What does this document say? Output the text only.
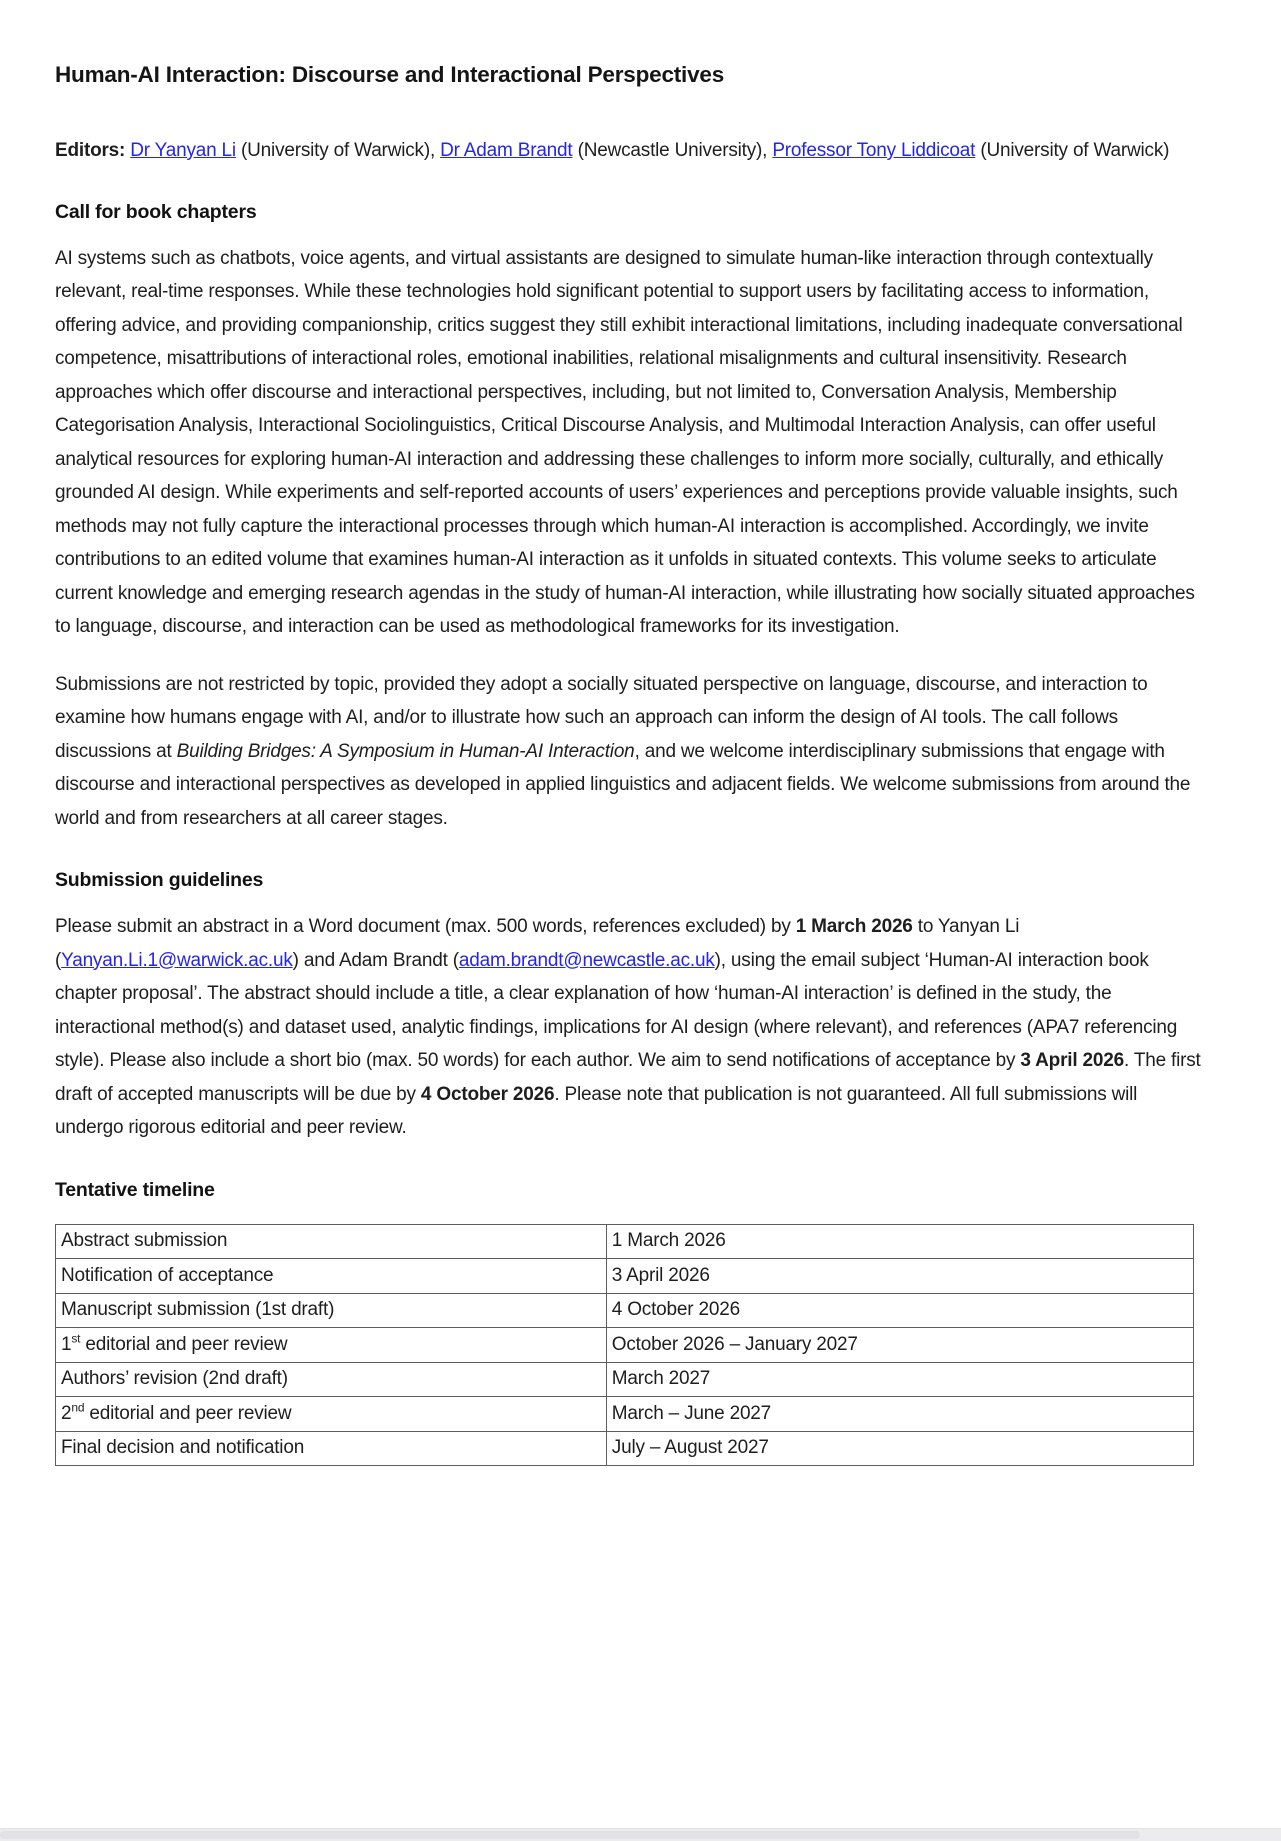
Human-AI Interaction: Discourse and Interactional Perspectives

Editors: Dr Yanyan Li (University of Warwick), Dr Adam Brandt (Newcastle University), Professor Tony Liddicoat (University of Warwick)

Call for book chapters

AI systems such as chatbots, voice agents, and virtual assistants are designed to simulate human-like interaction through contextually relevant, real-time responses. While these technologies hold significant potential to support users by facilitating access to information, offering advice, and providing companionship, critics suggest they still exhibit interactional limitations, including inadequate conversational competence, misattributions of interactional roles, emotional inabilities, relational misalignments and cultural insensitivity. Research approaches which offer discourse and interactional perspectives, including, but not limited to, Conversation Analysis, Membership Categorisation Analysis, Interactional Sociolinguistics, Critical Discourse Analysis, and Multimodal Interaction Analysis, can offer useful analytical resources for exploring human-AI interaction and addressing these challenges to inform more socially, culturally, and ethically grounded AI design. While experiments and self-reported accounts of users’ experiences and perceptions provide valuable insights, such methods may not fully capture the interactional processes through which human-AI interaction is accomplished. Accordingly, we invite contributions to an edited volume that examines human-AI interaction as it unfolds in situated contexts. This volume seeks to articulate current knowledge and emerging research agendas in the study of human-AI interaction, while illustrating how socially situated approaches to language, discourse, and interaction can be used as methodological frameworks for its investigation.

Submissions are not restricted by topic, provided they adopt a socially situated perspective on language, discourse, and interaction to examine how humans engage with AI, and/or to illustrate how such an approach can inform the design of AI tools. The call follows discussions at Building Bridges: A Symposium in Human-AI Interaction, and we welcome interdisciplinary submissions that engage with discourse and interactional perspectives as developed in applied linguistics and adjacent fields. We welcome submissions from around the world and from researchers at all career stages.

Submission guidelines

Please submit an abstract in a Word document (max. 500 words, references excluded) by 1 March 2026 to Yanyan Li (Yanyan.Li.1@warwick.ac.uk) and Adam Brandt (adam.brandt@newcastle.ac.uk), using the email subject ‘Human-AI interaction book chapter proposal’. The abstract should include a title, a clear explanation of how ‘human-AI interaction’ is defined in the study, the interactional method(s) and dataset used, analytic findings, implications for AI design (where relevant), and references (APA7 referencing style). Please also include a short bio (max. 50 words) for each author. We aim to send notifications of acceptance by 3 April 2026. The first draft of accepted manuscripts will be due by 4 October 2026. Please note that publication is not guaranteed. All full submissions will undergo rigorous editorial and peer review.

Tentative timeline
Abstract submission	1 March 2026
Notification of acceptance	3 April 2026
Manuscript submission (1st draft)	4 October 2026
1st editorial and peer review	October 2026 – January 2027
Authors’ revision (2nd draft)	March 2027
2nd editorial and peer review	March – June 2027
Final decision and notification	July – August 2027
